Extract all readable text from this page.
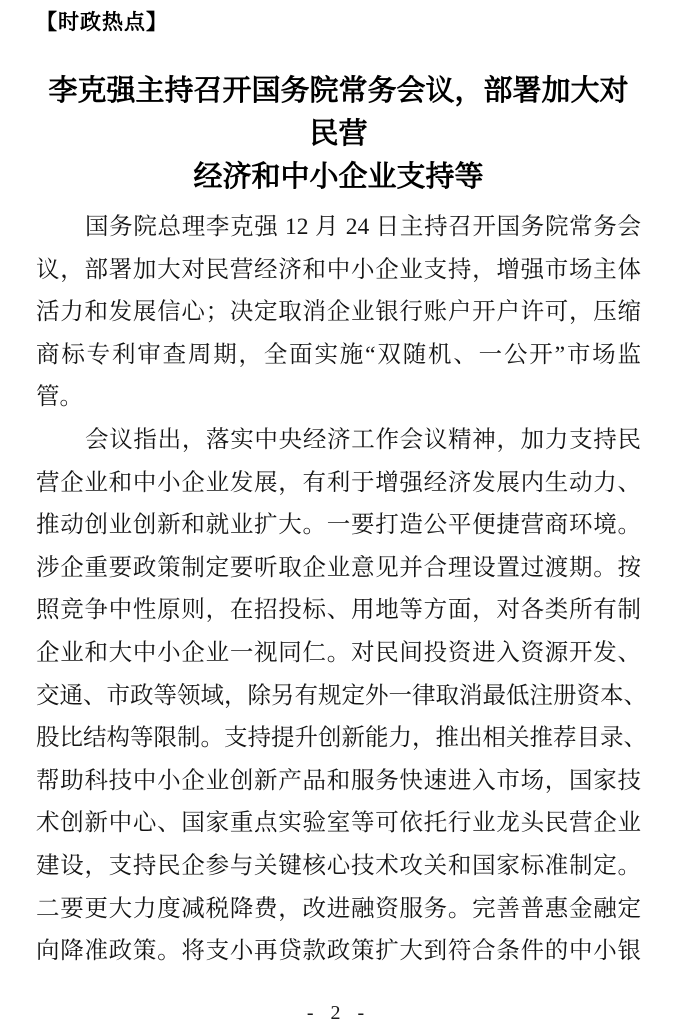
【时政热点】
李克强主持召开国务院常务会议，部署加大对民营
经济和中小企业支持等
国务院总理李克强 12 月 24 日主持召开国务院常务会
议，部署加大对民营经济和中小企业支持，增强市场主体
活力和发展信心；决定取消企业银行账户开户许可，压缩
商标专利审查周期，全面实施“双随机、一公开”市场监
管。
会议指出，落实中央经济工作会议精神，加力支持民
营企业和中小企业发展，有利于增强经济发展内生动力、
推动创业创新和就业扩大。一要打造公平便捷营商环境。
涉企重要政策制定要听取企业意见并合理设置过渡期。按
照竞争中性原则，在招投标、用地等方面，对各类所有制
企业和大中小企业一视同仁。对民间投资进入资源开发、
交通、市政等领域，除另有规定外一律取消最低注册资本、
股比结构等限制。支持提升创新能力，推出相关推荐目录、
帮助科技中小企业创新产品和服务快速进入市场，国家技
术创新中心、国家重点实验室等可依托行业龙头民营企业
建设，支持民企参与关键核心技术攻关和国家标准制定。
二要更大力度减税降费，改进融资服务。完善普惠金融定
向降准政策。将支小再贷款政策扩大到符合条件的中小银
- 2 -
